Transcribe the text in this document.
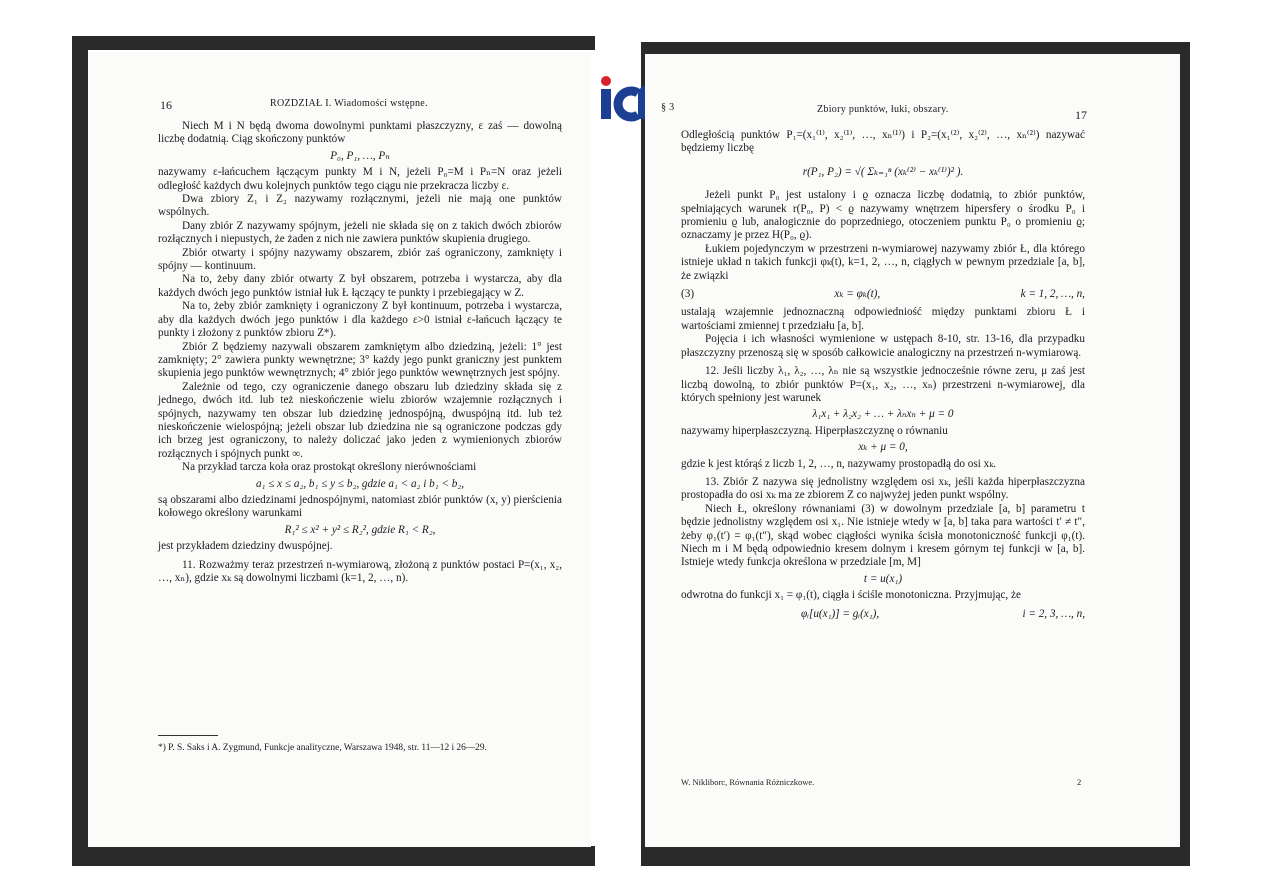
16	ROZDZIAŁ I. Wiadomości wstępne.

Niech M i N będą dwoma dowolnymi punktami płaszczyzny, ε zaś — dowolną liczbę dodatnią. Ciąg skończony punktów

P₀, P₁, …, Pₙ

nazywamy ε-łańcuchem łączącym punkty M i N, jeżeli P₀=M i Pₙ=N oraz jeżeli odległość każdych dwu kolejnych punktów tego ciągu nie przekracza liczby ε.

Dwa zbiory Z₁ i Z₂ nazywamy rozłącznymi, jeżeli nie mają one punktów wspólnych.

Dany zbiór Z nazywamy spójnym, jeżeli nie składa się on z takich dwóch zbiorów rozłącznych i niepustych, że żaden z nich nie zawiera punktów skupienia drugiego.

Zbiór otwarty i spójny nazywamy obszarem, zbiór zaś ograniczony, zamknięty i spójny — kontinuum.

Na to, żeby dany zbiór otwarty Z był obszarem, potrzeba i wystarcza, aby dla każdych dwóch jego punktów istniał łuk Ł łączący te punkty i przebiegający w Z.

Na to, żeby zbiór zamknięty i ograniczony Z był kontinuum, potrzeba i wystarcza, aby dla każdych dwóch jego punktów i dla każdego ε>0 istniał ε-łańcuch łączący te punkty i złożony z punktów zbioru Z*).

Zbiór Z będziemy nazywali obszarem zamkniętym albo dziedziną, jeżeli: 1° jest zamknięty; 2° zawiera punkty wewnętrzne; 3° każdy jego punkt graniczny jest punktem skupienia jego punktów wewnętrznych; 4° zbiór jego punktów wewnętrznych jest spójny.

Zależnie od tego, czy ograniczenie danego obszaru lub dziedziny składa się z jednego, dwóch itd. lub też nieskończenie wielu zbiorów wzajemnie rozłącznych i spójnych, nazywamy ten obszar lub dziedzinę jednospójną, dwuspójną itd. lub też nieskończenie wielospójną; jeżeli obszar lub dziedzina nie są ograniczone podczas gdy ich brzeg jest ograniczony, to należy doliczać jako jeden z wymienionych zbiorów rozłącznych i spójnych punkt ∞.

Na przykład tarcza koła oraz prostokąt określony nierównościami

a₁ ≤ x ≤ a₂, b₁ ≤ y ≤ b₂, gdzie a₁ < a₂ i b₁ < b₂,

są obszarami albo dziedzinami jednospójnymi, natomiast zbiór punktów (x, y) pierścienia kołowego określony warunkami

R₁² ≤ x² + y² ≤ R₂², gdzie R₁ < R₂,

jest przykładem dziedziny dwuspójnej.

11. Rozważmy teraz przestrzeń n-wymiarową, złożoną z punktów postaci P=(x₁, x₂, …, xₙ), gdzie xₖ są dowolnymi liczbami (k=1, 2, …, n).

*) P. S. Saks i A. Zygmund, Funkcje analityczne, Warszawa 1948, str. 11—12 i 26—29.
§ 3	Zbiory punktów, łuki, obszary.	17

Odległością punktów P₁=(x₁⁽¹⁾, x₂⁽¹⁾, …, xₙ⁽¹⁾) i P₂=(x₁⁽²⁾, x₂⁽²⁾, …, xₙ⁽²⁾) nazywać będziemy liczbę

r(P₁, P₂) = √( Σₖ₌₁ⁿ (xₖ⁽²⁾ − xₖ⁽¹⁾)² ).

Jeżeli punkt P₀ jest ustalony i ϱ oznacza liczbę dodatnią, to zbiór punktów, spełniających warunek r(P₀, P) < ϱ nazywamy wnętrzem hipersfery o środku P₀ i promieniu ϱ lub, analogicznie do poprzedniego, otoczeniem punktu P₀ o promieniu ϱ; oznaczamy je przez H(P₀, ϱ).

Łukiem pojedynczym w przestrzeni n-wymiarowej nazywamy zbiór Ł, dla którego istnieje układ n takich funkcji φₖ(t), k=1, 2, …, n, ciągłych w pewnym przedziale [a, b], że związki

(3)	xₖ = φₖ(t),	k = 1, 2, …, n,

ustalają wzajemnie jednoznaczną odpowiedniość między punktami zbioru Ł i wartościami zmiennej t przedziału [a, b].

Pojęcia i ich własności wymienione w ustępach 8-10, str. 13-16, dla przypadku płaszczyzny przenoszą się w sposób całkowicie analogiczny na przestrzeń n-wymiarową.

12. Jeśli liczby λ₁, λ₂, …, λₙ nie są wszystkie jednocześnie równe zeru, μ zaś jest liczbą dowolną, to zbiór punktów P=(x₁, x₂, …, xₙ) przestrzeni n-wymiarowej, dla których spełniony jest warunek

λ₁x₁ + λ₂x₂ + … + λₙxₙ + μ = 0

nazywamy hiperpłaszczyzną. Hiperpłaszczyznę o równaniu

xₖ + μ = 0,

gdzie k jest którąś z liczb 1, 2, …, n, nazywamy prostopadłą do osi xₖ.

13. Zbiór Z nazywa się jednolistny względem osi xₖ, jeśli każda hiperpłaszczyzna prostopadła do osi xₖ ma ze zbiorem Z co najwyżej jeden punkt wspólny.

Niech Ł, określony równaniami (3) w dowolnym przedziale [a, b] parametru t będzie jednolistny względem osi x₁. Nie istnieje wtedy w [a, b] taka para wartości t′ ≠ t″, żeby φ₁(t′) = φ₁(t″), skąd wobec ciągłości wynika ścisła monotoniczność funkcji φ₁(t). Niech m i M będą odpowiednio kresem dolnym i kresem górnym tej funkcji w [a, b]. Istnieje wtedy funkcja określona w przedziale [m, M]

t = u(x₁)

odwrotna do funkcji x₁ = φ₁(t), ciągła i ściśle monotoniczna. Przyjmując, że

φᵢ[u(x₁)] = gᵢ(x₁),	i = 2, 3, …, n,
W. Nikliborc, Równania Różniczkowe.	2
